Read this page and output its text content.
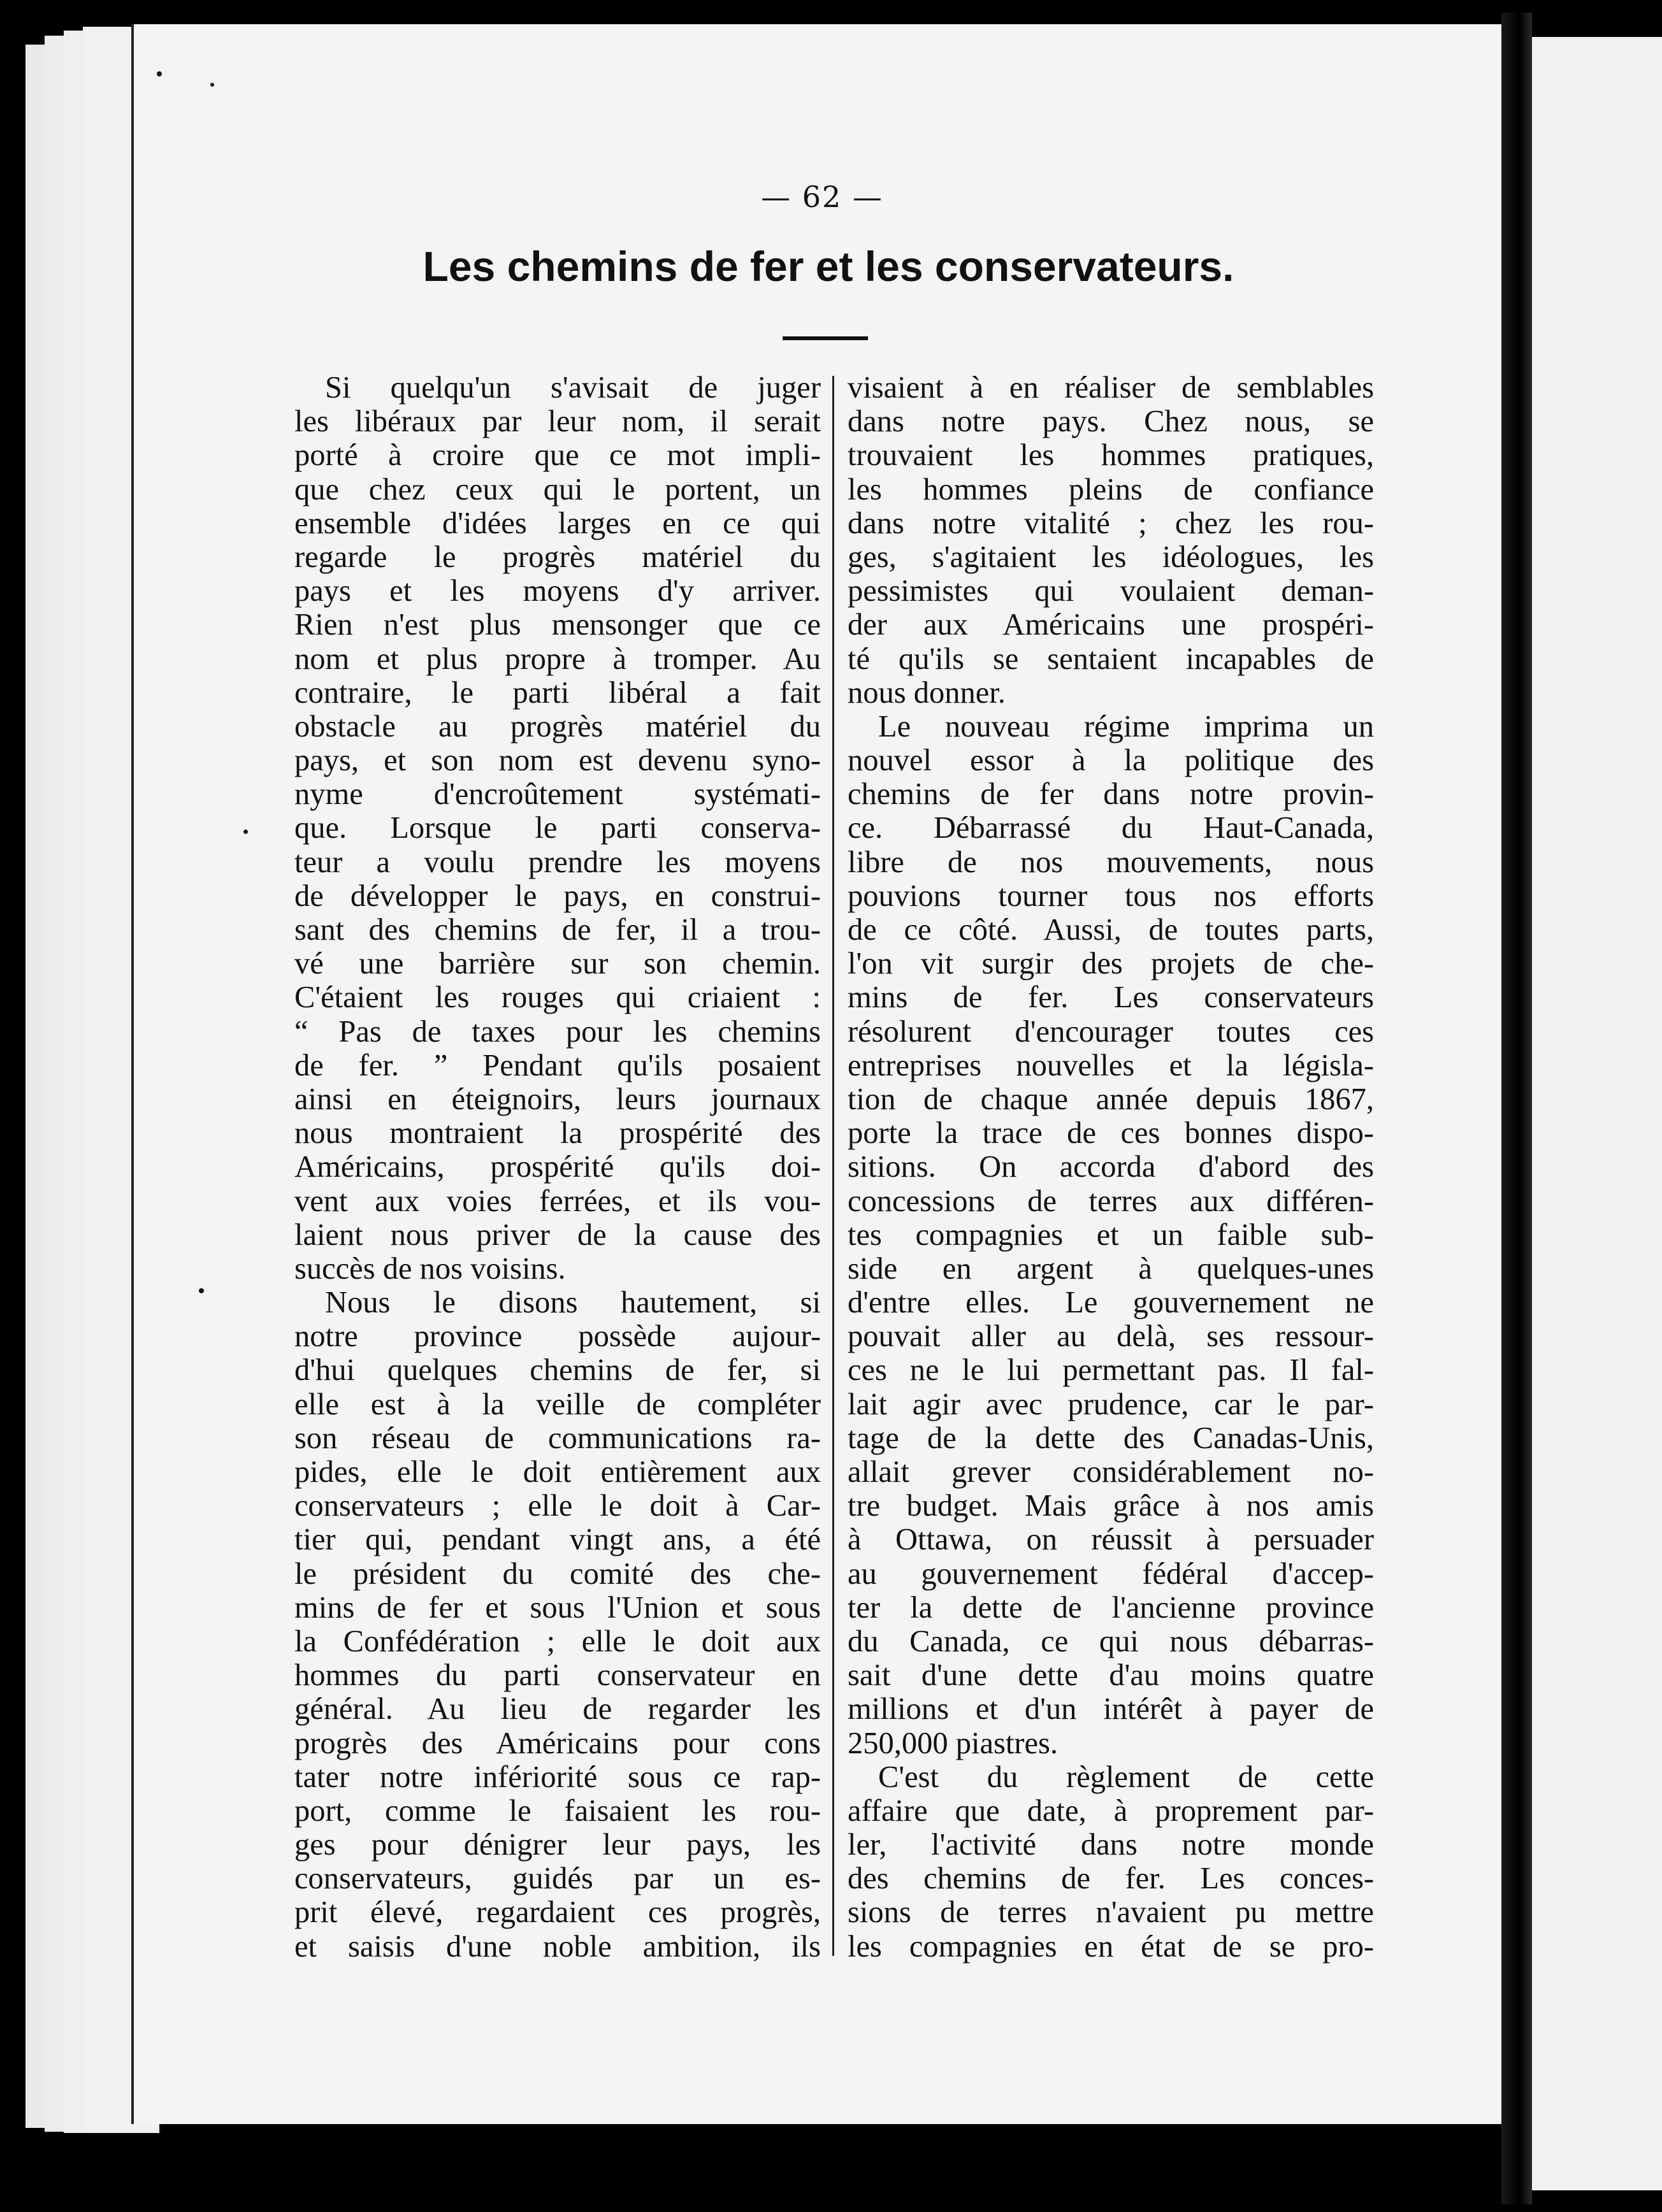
— 62 —
Les chemins de fer et les conservateurs.
Si quelqu'un s'avisait de juger
les libéraux par leur nom, il serait
porté à croire que ce mot impli-
que chez ceux qui le portent, un
ensemble d'idées larges en ce qui
regarde le progrès matériel du
pays et les moyens d'y arriver.
Rien n'est plus mensonger que ce
nom et plus propre à tromper. Au
contraire, le parti libéral a fait
obstacle au progrès matériel du
pays, et son nom est devenu syno-
nyme d'encroûtement systémati-
que. Lorsque le parti conserva-
teur a voulu prendre les moyens
de développer le pays, en construi-
sant des chemins de fer, il a trou-
vé une barrière sur son chemin.
C'étaient les rouges qui criaient :
“ Pas de taxes pour les chemins
de fer. ” Pendant qu'ils posaient
ainsi en éteignoirs, leurs journaux
nous montraient la prospérité des
Américains, prospérité qu'ils doi-
vent aux voies ferrées, et ils vou-
laient nous priver de la cause des
succès de nos voisins.
Nous le disons hautement, si
notre province possède aujour-
d'hui quelques chemins de fer, si
elle est à la veille de compléter
son réseau de communications ra-
pides, elle le doit entièrement aux
conservateurs ; elle le doit à Car-
tier qui, pendant vingt ans, a été
le président du comité des che-
mins de fer et sous l'Union et sous
la Confédération ; elle le doit aux
hommes du parti conservateur en
général. Au lieu de regarder les
progrès des Américains pour cons
tater notre infériorité sous ce rap-
port, comme le faisaient les rou-
ges pour dénigrer leur pays, les
conservateurs, guidés par un es-
prit élevé, regardaient ces progrès,
et saisis d'une noble ambition, ils
visaient à en réaliser de semblables
dans notre pays. Chez nous, se
trouvaient les hommes pratiques,
les hommes pleins de confiance
dans notre vitalité ; chez les rou-
ges, s'agitaient les idéologues, les
pessimistes qui voulaient deman-
der aux Américains une prospéri-
té qu'ils se sentaient incapables de
nous donner.
Le nouveau régime imprima un
nouvel essor à la politique des
chemins de fer dans notre provin-
ce. Débarrassé du Haut-Canada,
libre de nos mouvements, nous
pouvions tourner tous nos efforts
de ce côté. Aussi, de toutes parts,
l'on vit surgir des projets de che-
mins de fer. Les conservateurs
résolurent d'encourager toutes ces
entreprises nouvelles et la législa-
tion de chaque année depuis 1867,
porte la trace de ces bonnes dispo-
sitions. On accorda d'abord des
concessions de terres aux différen-
tes compagnies et un faible sub-
side en argent à quelques-unes
d'entre elles. Le gouvernement ne
pouvait aller au delà, ses ressour-
ces ne le lui permettant pas. Il fal-
lait agir avec prudence, car le par-
tage de la dette des Canadas-Unis,
allait grever considérablement no-
tre budget. Mais grâce à nos amis
à Ottawa, on réussit à persuader
au gouvernement fédéral d'accep-
ter la dette de l'ancienne province
du Canada, ce qui nous débarras-
sait d'une dette d'au moins quatre
millions et d'un intérêt à payer de
250,000 piastres.
C'est du règlement de cette
affaire que date, à proprement par-
ler, l'activité dans notre monde
des chemins de fer. Les conces-
sions de terres n'avaient pu mettre
les compagnies en état de se pro-
